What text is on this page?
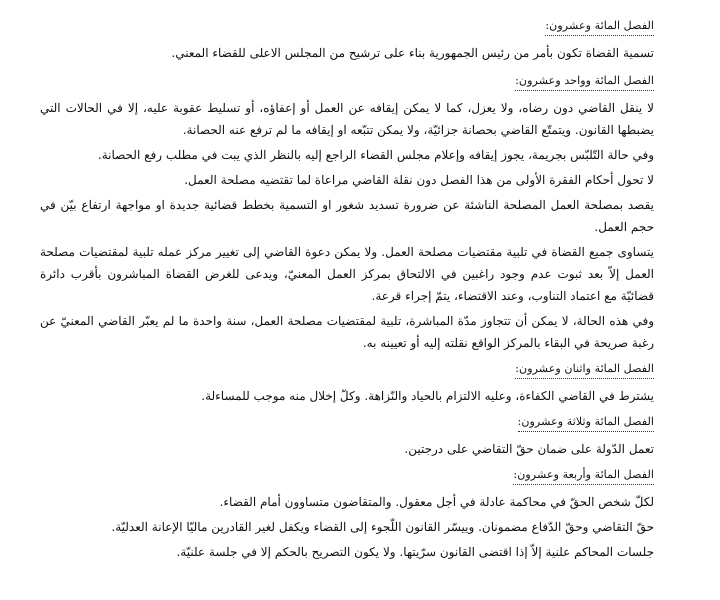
الفصل المائة وعشرون:

تسمية القضاة تكون بأمر من رئيس الجمهورية بناء على ترشيح من المجلس الاعلى للقضاء المعني.

الفصل المائة وواحد وعشرون:

لا ينقل القاضي دون رضاه، ولا يعزل، كما لا يمكن إيقافه عن العمل أو إعفاؤه، أو تسليط عقوبة عليه، إلا في الحالات التي يضبطها القانون. ويتمتّع القاضي بحصانة جزائيّة، ولا يمكن تتبّعه او إيقافه ما لم ترفع عنه الحصانة.

وفي حالة التّلبّس بجريمة، يجوز إيقافه وإعلام مجلس القضاء الراجع إليه بالنظر الذي يبت في مطلب رفع الحصانة.

لا تحول أحكام الفقرة الأولى من هذا الفصل دون نقلة القاضي مراعاة لما تقتضيه مصلحة العمل.

يقصد بمصلحة العمل المصلحة الناشئة عن ضرورة تسديد شغور او التسمية بخطط قضائية جديدة او مواجهة ارتفاع بيّن في حجم العمل.

يتساوى جميع القضاة في تلبية مقتضيات مصلحة العمل. ولا يمكن دعوة القاضي إلى تغيير مركز عمله تلبية لمقتضيات مصلحة العمل إلاّ بعد ثبوت عدم وجود راغبين في الالتحاق بمركز العمل المعنيّ، ويدعى للغرض القضاة المباشرون بأقرب دائرة قضائيّة مع اعتماد التناوب، وعند الاقتضاء، يتمّ إجراء قرعة.

وفي هذه الحالة، لا يمكن أن تتجاوز مدّة المباشرة، تلبية لمقتضيات مصلحة العمل، سنة واحدة ما لم يعبّر القاضي المعنيّ عن رغبة صريحة في البقاء بالمركز الواقع نقلته إليه أو تعيينه به.

الفصل المائة واثنان وعشرون:

يشترط في القاضي الكفاءة، وعليه الالتزام بالحياد والنّزاهة. وكلّ إخلال منه موجب للمساءلة.

الفصل المائة وثلاثة وعشرون:

تعمل الدّولة على ضمان حقّ التقاضي على درجتين.

الفصل المائة وأربعة وعشرون:

لكلّ شخص الحقّ في محاكمة عادلة في أجل معقول. والمتقاضون متساوون أمام القضاء.

حقّ التقاضي وحقّ الدّفاع مضمونان. وييسّر القانون اللّجوء إلى القضاء ويكفل لغير القادرين ماليّا الإعانة العدليّة.

جلسات المحاكم علنية إلاّ إذا اقتضى القانون سرّيتها. ولا يكون التصريح بالحكم إلا في جلسة علنيّة.
